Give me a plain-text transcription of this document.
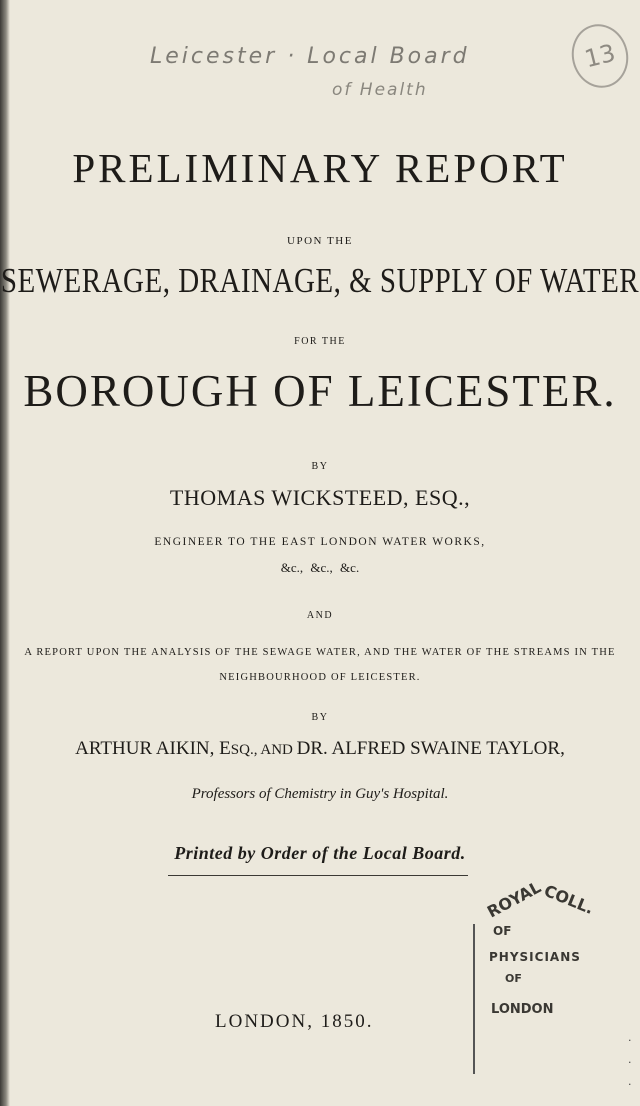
Leicester · Local Board
of Health
13
PRELIMINARY REPORT
UPON THE
SEWERAGE, DRAINAGE, & SUPPLY OF WATER
FOR THE
BOROUGH OF LEICESTER.
BY
THOMAS WICKSTEED, ESQ.,
ENGINEER TO THE EAST LONDON WATER WORKS,
&c., &c., &c.
AND
A REPORT UPON THE ANALYSIS OF THE SEWAGE WATER, AND THE WATER OF THE STREAMS IN THE NEIGHBOURHOOD OF LEICESTER.
BY
ARTHUR AIKIN, ESQ., AND DR. ALFRED SWAINE TAYLOR,
Professors of Chemistry in Guy's Hospital.
Printed by Order of the Local Board.
LONDON, 1850.
ROYAL
COLL.
OF
PHYSICIANS
OF
LONDON
·
·
·
